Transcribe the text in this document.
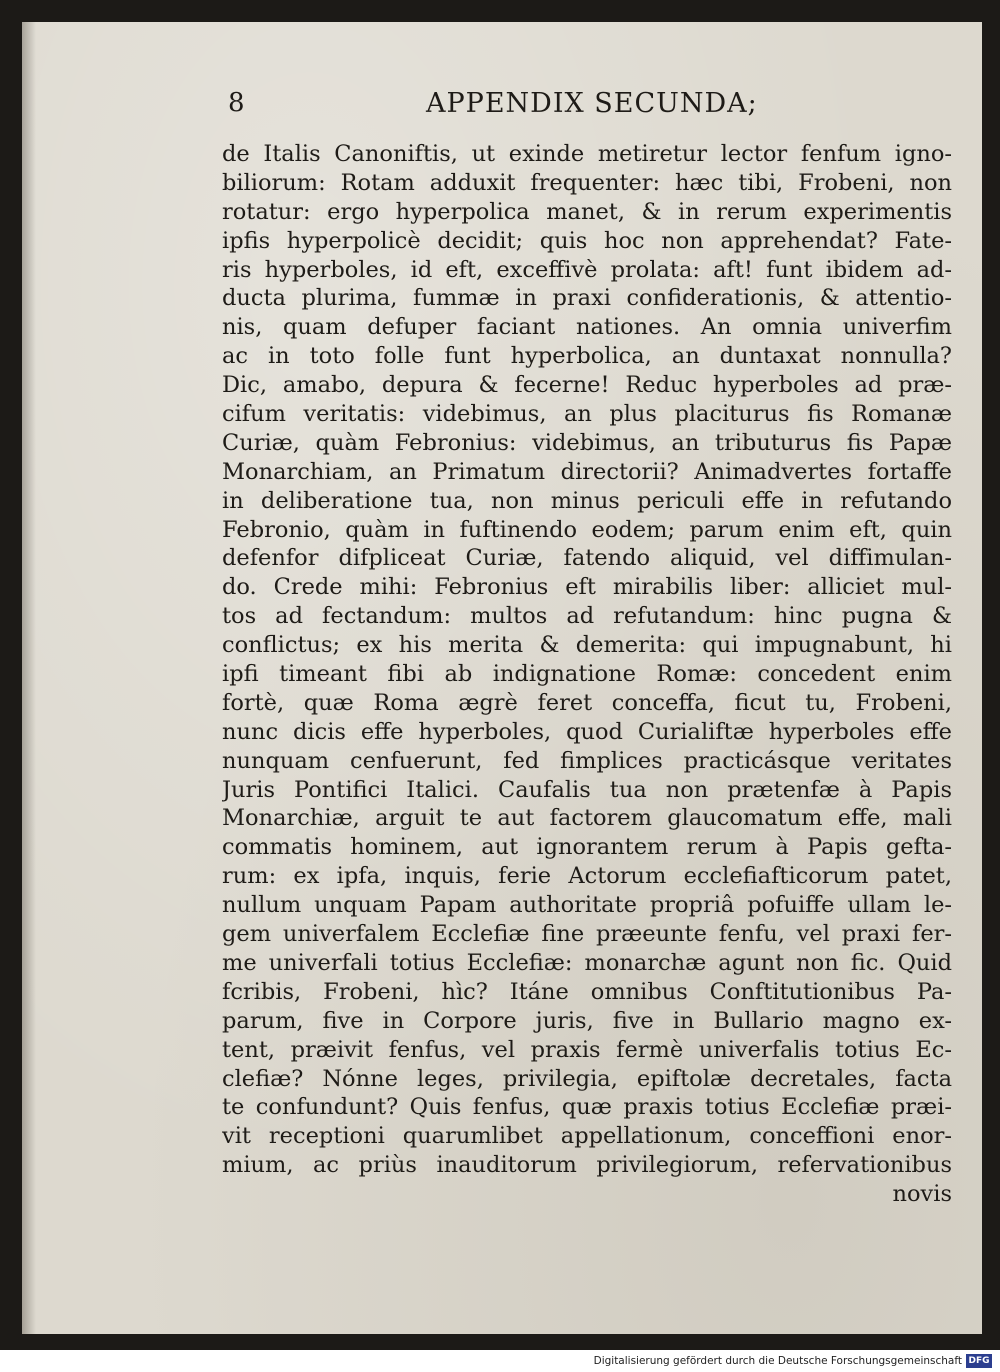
8	APPENDIX SECUNDA;
de Italis Canoniftis, ut exinde metiretur lector fenfum igno-
biliorum: Rotam adduxit frequenter: hæc tibi, Frobeni, non
rotatur: ergo hyperpolica manet, & in rerum experimentis
ipfis hyperpolicè decidit; quis hoc non apprehendat? Fate-
ris hyperboles, id eft, exceffivè prolata: aft! funt ibidem ad-
ducta plurima, fummæ in praxi confiderationis, & attentio-
nis, quam defuper faciant nationes. An omnia univerfim
ac in toto folle funt hyperbolica, an duntaxat nonnulla?
Dic, amabo, depura & fecerne! Reduc hyperboles ad præ-
cifum veritatis: videbimus, an plus placiturus fis Romanæ
Curiæ, quàm Febronius: videbimus, an tributurus fis Papæ
Monarchiam, an Primatum directorii? Animadvertes fortaffe
in deliberatione tua, non minus periculi effe in refutando
Febronio, quàm in fuftinendo eodem; parum enim eft, quin
defenfor difpliceat Curiæ, fatendo aliquid, vel diffimulan-
do. Crede mihi: Febronius eft mirabilis liber: alliciet mul-
tos ad fectandum: multos ad refutandum: hinc pugna &
conflictus; ex his merita & demerita: qui impugnabunt, hi
ipfi timeant fibi ab indignatione Romæ: concedent enim
fortè, quæ Roma ægrè feret conceffa, ficut tu, Frobeni,
nunc dicis effe hyperboles, quod Curialiftæ hyperboles effe
nunquam cenfuerunt, fed fimplices practicásque veritates
Juris Pontifici Italici. Caufalis tua non prætenfæ à Papis
Monarchiæ, arguit te aut factorem glaucomatum effe, mali
commatis hominem, aut ignorantem rerum à Papis gefta-
rum: ex ipfa, inquis, ferie Actorum ecclefiafticorum patet,
nullum unquam Papam authoritate propriâ pofuiffe ullam le-
gem univerfalem Ecclefiæ fine præeunte fenfu, vel praxi fer-
me univerfali totius Ecclefiæ: monarchæ agunt non fic. Quid
fcribis, Frobeni, hìc? Itáne omnibus Conftitutionibus Pa-
parum, five in Corpore juris, five in Bullario magno ex-
tent, præivit fenfus, vel praxis fermè univerfalis totius Ec-
clefiæ? Nónne leges, privilegia, epiftolæ decretales, facta
te confundunt? Quis fenfus, quæ praxis totius Ecclefiæ præi-
vit receptioni quarumlibet appellationum, conceffioni enor-
mium, ac priùs inauditorum privilegiorum, refervationibus
novis
Digitalisierung gefördert durch die Deutsche Forschungsgemeinschaft DFG
